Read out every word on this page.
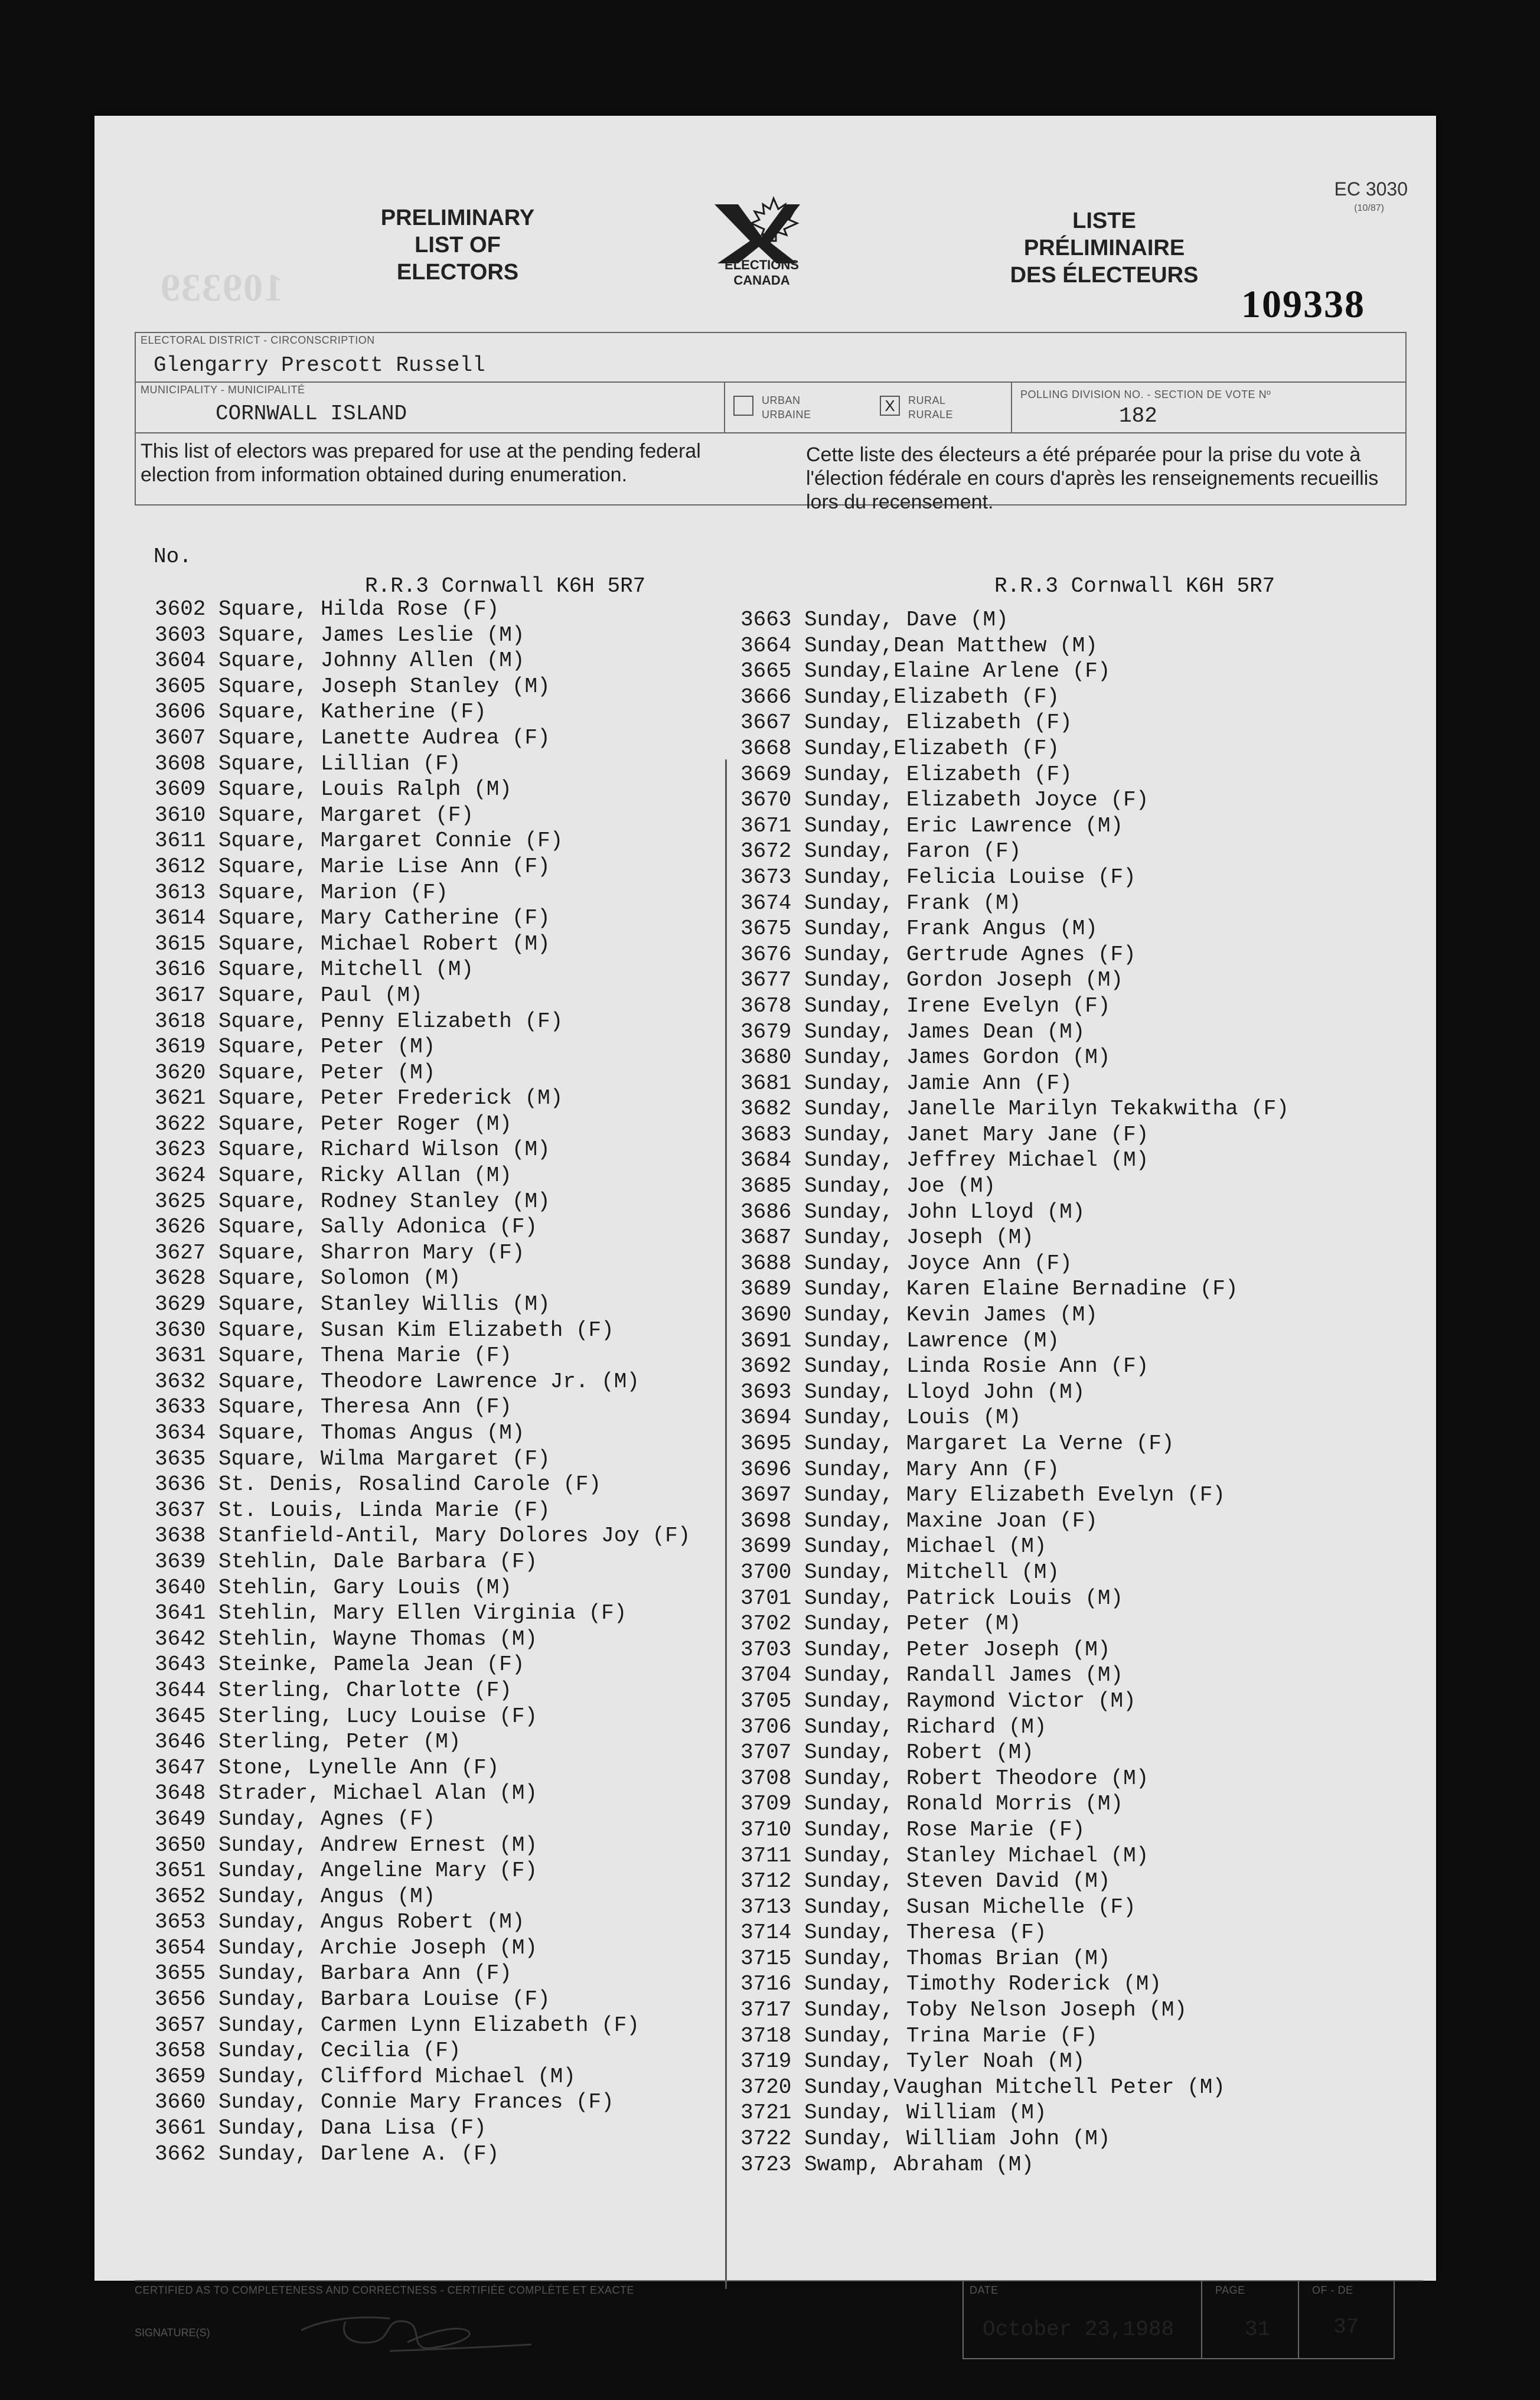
PRELIMINARY
LIST OF
ELECTORS	ELECTIONS
CANADA
LISTE
PRÉLIMINAIRE
DES ÉLECTEURS
EC 3030
(10/87)
109339	109338
ELECTORAL DISTRICT - CIRCONSCRIPTION
Glengarry Prescott Russell
MUNICIPALITY - MUNICIPALITÉ
CORNWALL ISLAND
URBAN
URBAINE	X	RURAL
RURALE
POLLING DIVISION NO. - SECTION DE VOTE Nº
182
This list of electors was prepared for use at the pending federal election from information obtained during enumeration.
Cette liste des électeurs a été préparée pour la prise du vote à l'élection fédérale en cours d'après les renseignements recueillis lors du recensement.
No.
R.R.3 Cornwall K6H 5R7	R.R.3 Cornwall K6H 5R7
3602 Square, Hilda Rose (F)
3603 Square, James Leslie (M)
3604 Square, Johnny Allen (M)
3605 Square, Joseph Stanley (M)
3606 Square, Katherine (F)
3607 Square, Lanette Audrea (F)
3608 Square, Lillian (F)
3609 Square, Louis Ralph (M)
3610 Square, Margaret (F)
3611 Square, Margaret Connie (F)
3612 Square, Marie Lise Ann (F)
3613 Square, Marion (F)
3614 Square, Mary Catherine (F)
3615 Square, Michael Robert (M)
3616 Square, Mitchell (M)
3617 Square, Paul (M)
3618 Square, Penny Elizabeth (F)
3619 Square, Peter (M)
3620 Square, Peter (M)
3621 Square, Peter Frederick (M)
3622 Square, Peter Roger (M)
3623 Square, Richard Wilson (M)
3624 Square, Ricky Allan (M)
3625 Square, Rodney Stanley (M)
3626 Square, Sally Adonica (F)
3627 Square, Sharron Mary (F)
3628 Square, Solomon (M)
3629 Square, Stanley Willis (M)
3630 Square, Susan Kim Elizabeth (F)
3631 Square, Thena Marie (F)
3632 Square, Theodore Lawrence Jr. (M)
3633 Square, Theresa Ann (F)
3634 Square, Thomas Angus (M)
3635 Square, Wilma Margaret (F)
3636 St. Denis, Rosalind Carole (F)
3637 St. Louis, Linda Marie (F)
3638 Stanfield-Antil, Mary Dolores Joy (F)
3639 Stehlin, Dale Barbara (F)
3640 Stehlin, Gary Louis (M)
3641 Stehlin, Mary Ellen Virginia (F)
3642 Stehlin, Wayne Thomas (M)
3643 Steinke, Pamela Jean (F)
3644 Sterling, Charlotte (F)
3645 Sterling, Lucy Louise (F)
3646 Sterling, Peter (M)
3647 Stone, Lynelle Ann (F)
3648 Strader, Michael Alan (M)
3649 Sunday, Agnes (F)
3650 Sunday, Andrew Ernest (M)
3651 Sunday, Angeline Mary (F)
3652 Sunday, Angus (M)
3653 Sunday, Angus Robert (M)
3654 Sunday, Archie Joseph (M)
3655 Sunday, Barbara Ann (F)
3656 Sunday, Barbara Louise (F)
3657 Sunday, Carmen Lynn Elizabeth (F)
3658 Sunday, Cecilia (F)
3659 Sunday, Clifford Michael (M)
3660 Sunday, Connie Mary Frances (F)
3661 Sunday, Dana Lisa (F)
3662 Sunday, Darlene A. (F)
3663 Sunday, Dave (M)
3664 Sunday,Dean Matthew (M)
3665 Sunday,Elaine Arlene (F)
3666 Sunday,Elizabeth (F)
3667 Sunday, Elizabeth (F)
3668 Sunday,Elizabeth (F)
3669 Sunday, Elizabeth (F)
3670 Sunday, Elizabeth Joyce (F)
3671 Sunday, Eric Lawrence (M)
3672 Sunday, Faron (F)
3673 Sunday, Felicia Louise (F)
3674 Sunday, Frank (M)
3675 Sunday, Frank Angus (M)
3676 Sunday, Gertrude Agnes (F)
3677 Sunday, Gordon Joseph (M)
3678 Sunday, Irene Evelyn (F)
3679 Sunday, James Dean (M)
3680 Sunday, James Gordon (M)
3681 Sunday, Jamie Ann (F)
3682 Sunday, Janelle Marilyn Tekakwitha (F)
3683 Sunday, Janet Mary Jane (F)
3684 Sunday, Jeffrey Michael (M)
3685 Sunday, Joe (M)
3686 Sunday, John Lloyd (M)
3687 Sunday, Joseph (M)
3688 Sunday, Joyce Ann (F)
3689 Sunday, Karen Elaine Bernadine (F)
3690 Sunday, Kevin James (M)
3691 Sunday, Lawrence (M)
3692 Sunday, Linda Rosie Ann (F)
3693 Sunday, Lloyd John (M)
3694 Sunday, Louis (M)
3695 Sunday, Margaret La Verne (F)
3696 Sunday, Mary Ann (F)
3697 Sunday, Mary Elizabeth Evelyn (F)
3698 Sunday, Maxine Joan (F)
3699 Sunday, Michael (M)
3700 Sunday, Mitchell (M)
3701 Sunday, Patrick Louis (M)
3702 Sunday, Peter (M)
3703 Sunday, Peter Joseph (M)
3704 Sunday, Randall James (M)
3705 Sunday, Raymond Victor (M)
3706 Sunday, Richard (M)
3707 Sunday, Robert (M)
3708 Sunday, Robert Theodore (M)
3709 Sunday, Ronald Morris (M)
3710 Sunday, Rose Marie (F)
3711 Sunday, Stanley Michael (M)
3712 Sunday, Steven David (M)
3713 Sunday, Susan Michelle (F)
3714 Sunday, Theresa (F)
3715 Sunday, Thomas Brian (M)
3716 Sunday, Timothy Roderick (M)
3717 Sunday, Toby Nelson Joseph (M)
3718 Sunday, Trina Marie (F)
3719 Sunday, Tyler Noah (M)
3720 Sunday,Vaughan Mitchell Peter (M)
3721 Sunday, William (M)
3722 Sunday, William John (M)
3723 Swamp, Abraham (M)
CERTIFIED AS TO COMPLETENESS AND CORRECTNESS - CERTIFIÉE COMPLÈTE ET EXACTE
SIGNATURE(S)
DATE
October 23,1988
PAGE
31
OF - DE
37
